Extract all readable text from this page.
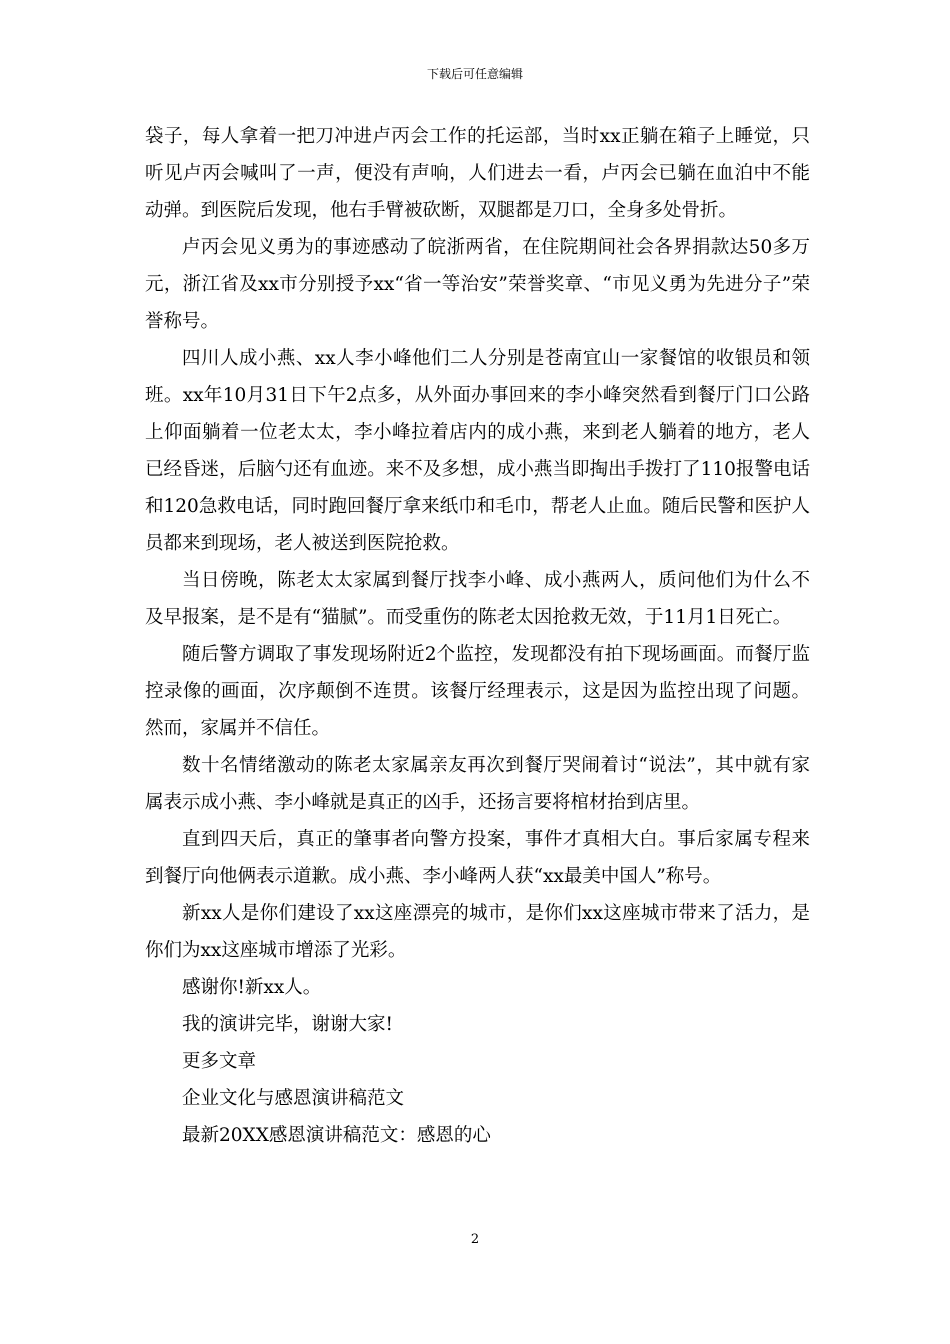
下载后可任意编辑

袋子，每人拿着一把刀冲进卢丙会工作的托运部，当时xx正躺在箱子上睡觉，只听见卢丙会喊叫了一声，便没有声响，人们进去一看，卢丙会已躺在血泊中不能动弹。到医院后发现，他右手臂被砍断，双腿都是刀口，全身多处骨折。

卢丙会见义勇为的事迹感动了皖浙两省，在住院期间社会各界捐款达50多万元，浙江省及xx市分别授予xx“省一等治安”荣誉奖章、“市见义勇为先进分子”荣誉称号。

四川人成小燕、xx人李小峰他们二人分别是苍南宜山一家餐馆的收银员和领班。xx年10月31日下午2点多，从外面办事回来的李小峰突然看到餐厅门口公路上仰面躺着一位老太太，李小峰拉着店内的成小燕，来到老人躺着的地方，老人已经昏迷，后脑勺还有血迹。来不及多想，成小燕当即掏出手拨打了110报警电话和120急救电话，同时跑回餐厅拿来纸巾和毛巾，帮老人止血。随后民警和医护人员都来到现场，老人被送到医院抢救。

当日傍晚，陈老太太家属到餐厅找李小峰、成小燕两人，质问他们为什么不及早报案，是不是有“猫腻”。而受重伤的陈老太因抢救无效，于11月1日死亡。

随后警方调取了事发现场附近2个监控，发现都没有拍下现场画面。而餐厅监控录像的画面，次序颠倒不连贯。该餐厅经理表示，这是因为监控出现了问题。然而，家属并不信任。

数十名情绪激动的陈老太家属亲友再次到餐厅哭闹着讨“说法”，其中就有家属表示成小燕、李小峰就是真正的凶手，还扬言要将棺材抬到店里。

直到四天后，真正的肇事者向警方投案，事件才真相大白。事后家属专程来到餐厅向他俩表示道歉。成小燕、李小峰两人获“xx最美中国人”称号。

新xx人是你们建设了xx这座漂亮的城市，是你们xx这座城市带来了活力，是你们为xx这座城市增添了光彩。

感谢你!新xx人。

我的演讲完毕，谢谢大家!

更多文章

企业文化与感恩演讲稿范文

最新20XX感恩演讲稿范文：感恩的心

2
